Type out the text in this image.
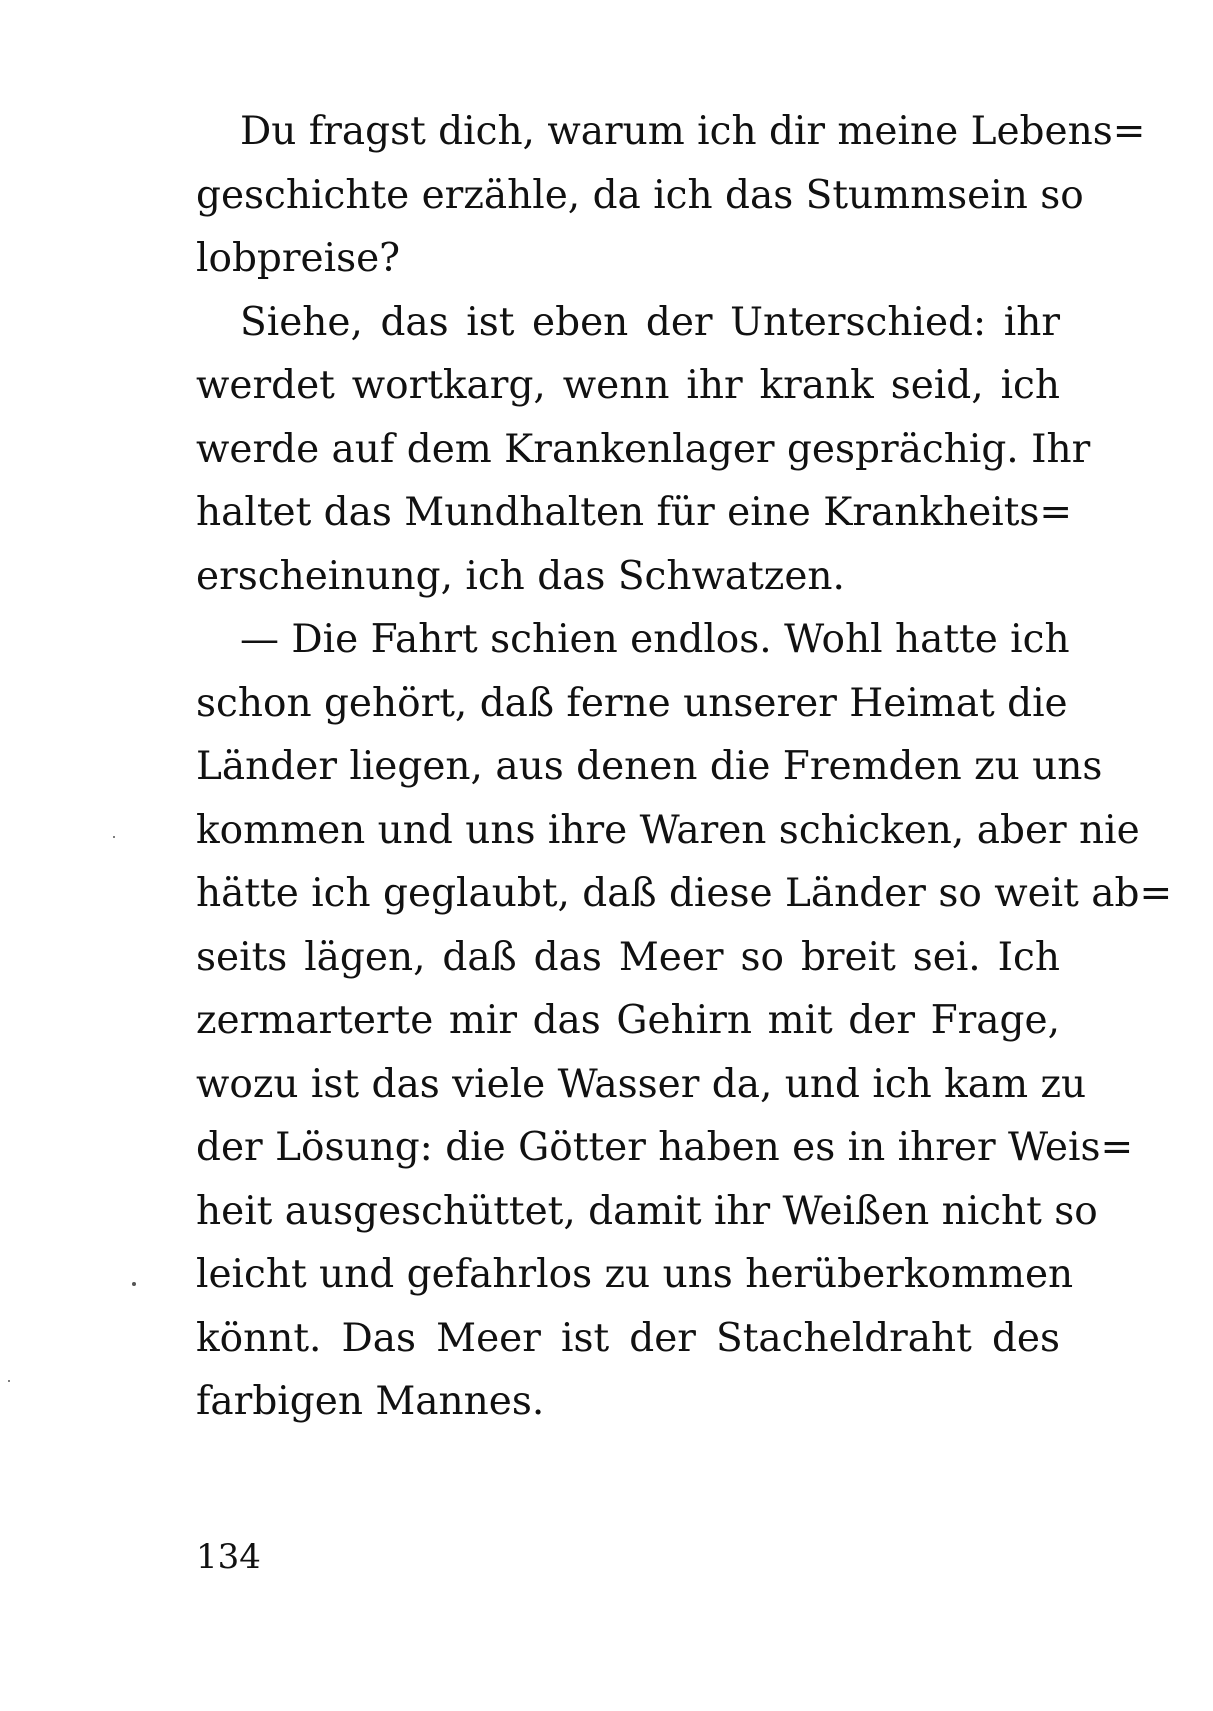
Du fragst dich, warum ich dir meine Lebens=
geschichte erzähle, da ich das Stummsein so
lobpreise?
Siehe, das ist eben der Unterschied: ihr
werdet wortkarg, wenn ihr krank seid, ich
werde auf dem Krankenlager gesprächig. Ihr
haltet das Mundhalten für eine Krankheits=
erscheinung, ich das Schwatzen.
— Die Fahrt schien endlos. Wohl hatte ich
schon gehört, daß ferne unserer Heimat die
Länder liegen, aus denen die Fremden zu uns
kommen und uns ihre Waren schicken, aber nie
hätte ich geglaubt, daß diese Länder so weit ab=
seits lägen, daß das Meer so breit sei. Ich
zermarterte mir das Gehirn mit der Frage,
wozu ist das viele Wasser da, und ich kam zu
der Lösung: die Götter haben es in ihrer Weis=
heit ausgeschüttet, damit ihr Weißen nicht so
leicht und gefahrlos zu uns herüberkommen
könnt. Das Meer ist der Stacheldraht des
farbigen Mannes.
134
